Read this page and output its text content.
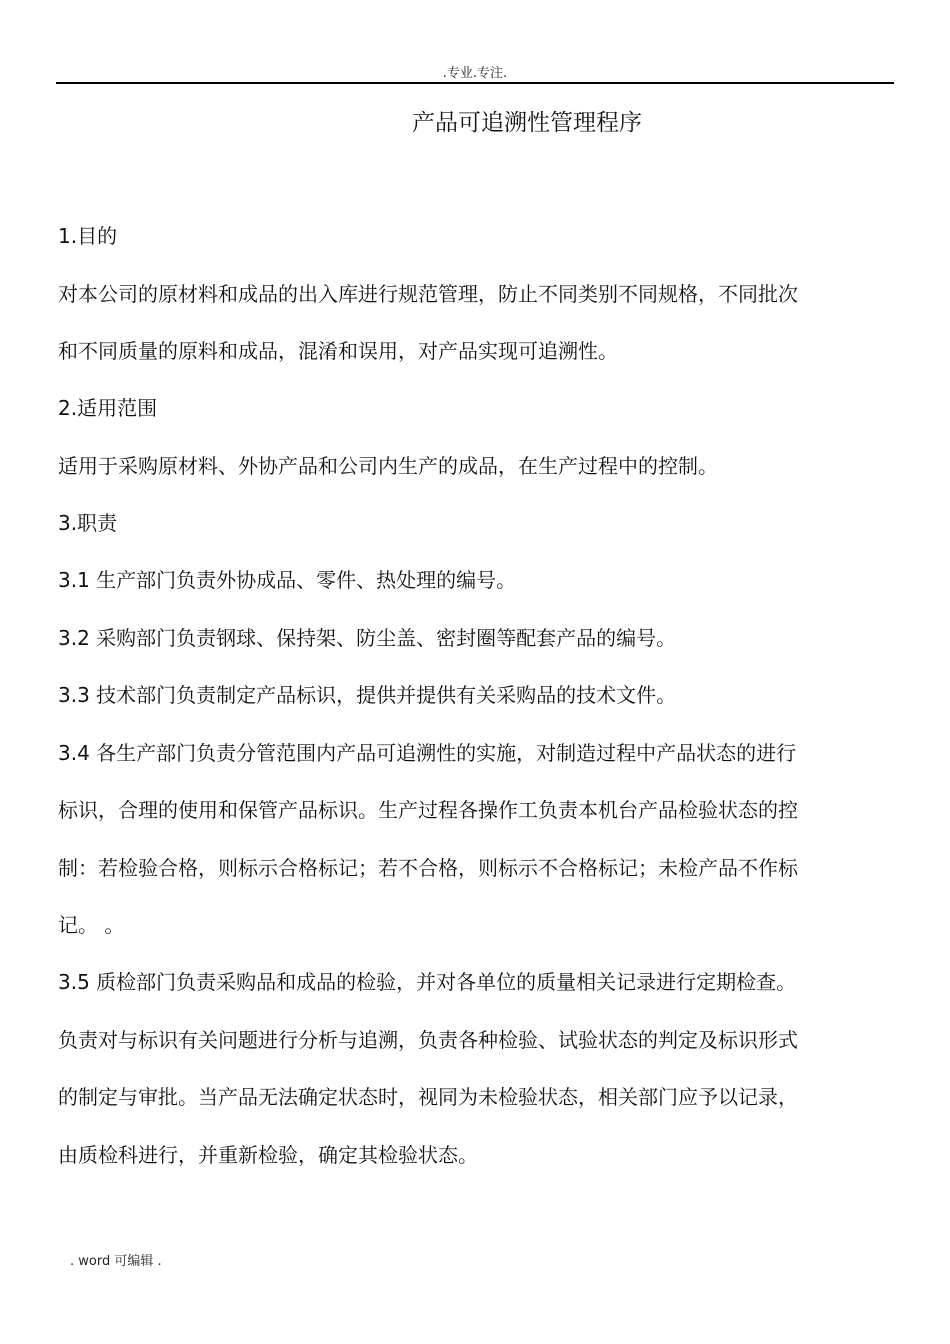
.专业.专注.
产品可追溯性管理程序
1.目的
对本公司的原材料和成品的出入库进行规范管理，防止不同类别不同规格，不同批次
和不同质量的原料和成品，混淆和误用，对产品实现可追溯性。
2.适用范围
适用于采购原材料、外协产品和公司内生产的成品，在生产过程中的控制。
3.职责
3.1 生产部门负责外协成品、零件、热处理的编号。
3.2 采购部门负责钢球、保持架、防尘盖、密封圈等配套产品的编号。
3.3 技术部门负责制定产品标识，提供并提供有关采购品的技术文件。
3.4 各生产部门负责分管范围内产品可追溯性的实施，对制造过程中产品状态的进行
标识，合理的使用和保管产品标识。生产过程各操作工负责本机台产品检验状态的控
制：若检验合格，则标示合格标记；若不合格，则标示不合格标记；未检产品不作标
记。 。
3.5 质检部门负责采购品和成品的检验，并对各单位的质量相关记录进行定期检查。
负责对与标识有关问题进行分析与追溯，负责各种检验、试验状态的判定及标识形式
的制定与审批。当产品无法确定状态时，视同为未检验状态，相关部门应予以记录，
由质检科进行，并重新检验，确定其检验状态。
. word 可编辑 .
